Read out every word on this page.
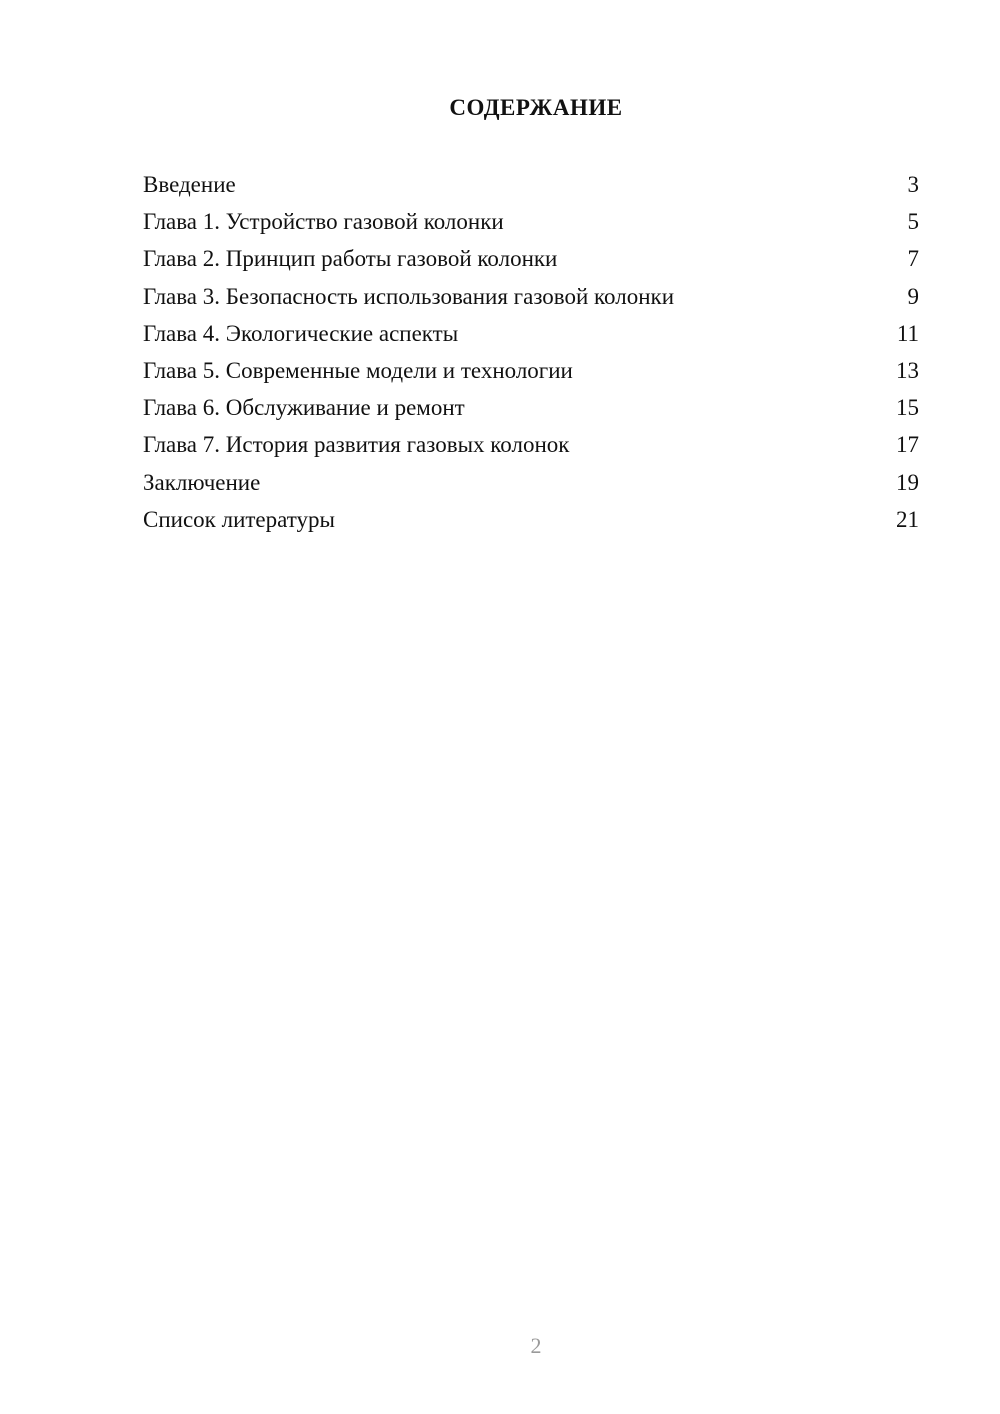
СОДЕРЖАНИЕ
Введение	3
Глава 1. Устройство газовой колонки	5
Глава 2. Принцип работы газовой колонки	7
Глава 3. Безопасность использования газовой колонки	9
Глава 4. Экологические аспекты	11
Глава 5. Современные модели и технологии	13
Глава 6. Обслуживание и ремонт	15
Глава 7. История развития газовых колонок	17
Заключение	19
Список литературы	21
2
